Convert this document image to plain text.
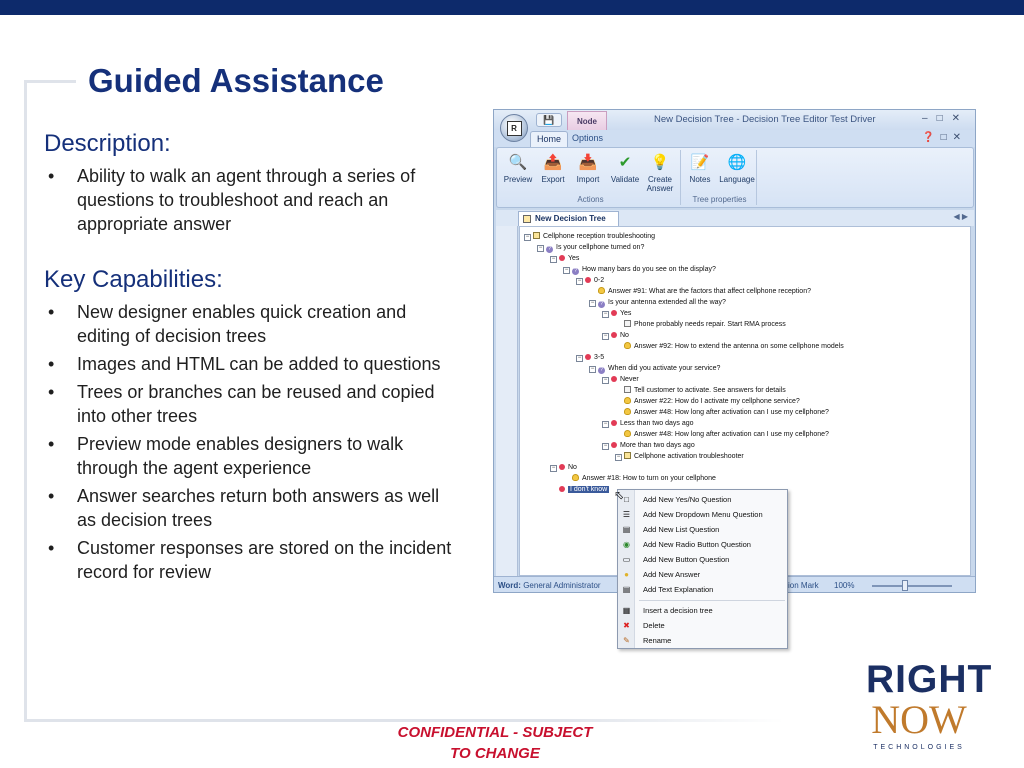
Guided Assistance
Description:
• Ability to walk an agent through a series of questions to troubleshoot and reach an appropriate answer
Key Capabilities:
• New designer enables quick creation and editing of decision trees
• Images and HTML can be added to questions
• Trees or branches can be reused and copied into other trees
• Preview mode enables designers to walk through the agent experience
• Answer searches return both answers as well as decision trees
• Customer responses are stored on the incident record for review
💾	Node	New Decision Tree - Decision Tree Editor Test Driver	–□✕
R
Home	Options	❓□✕
🔍
Preview
📤
Export
📥
Import
✔
Validate
💡
Create Answer
Actions
📝
Notes
🌐
Language
Tree properties
New Decision Tree	◀ ▶
− Cellphone reception troubleshooting
− ? Is your cellphone turned on?
− Yes
− ? How many bars do you see on the display?
− 0-2
Answer #91: What are the factors that affect cellphone reception?
− ? Is your antenna extended all the way?
− Yes
Phone probably needs repair. Start RMA process
− No
Answer #92: How to extend the antenna on some cellphone models
− 3-5
− ? When did you activate your service?
− Never
Tell customer to activate. See answers for details
Answer #22: How do I activate my cellphone service?
Answer #48: How long after activation can I use my cellphone?
− Less than two days ago
Answer #48: How long after activation can I use my cellphone?
− More than two days ago
− Cellphone activation troubleshooter
− No
Answer #18: How to turn on your cellphone
I don't know
Word: General Administrator	ion Mark 100%
□ Add New Yes/No Question
☰ Add New Dropdown Menu Question
▤ Add New List Question
◉ Add New Radio Button Question
▭ Add New Button Question
● Add New Answer
▤ Add Text Explanation
▦ Insert a decision tree
✖ Delete
✎ Rename
⬁
CONFIDENTIAL - SUBJECT
TO CHANGE
RIGHT
NOW
TECHNOLOGIES
